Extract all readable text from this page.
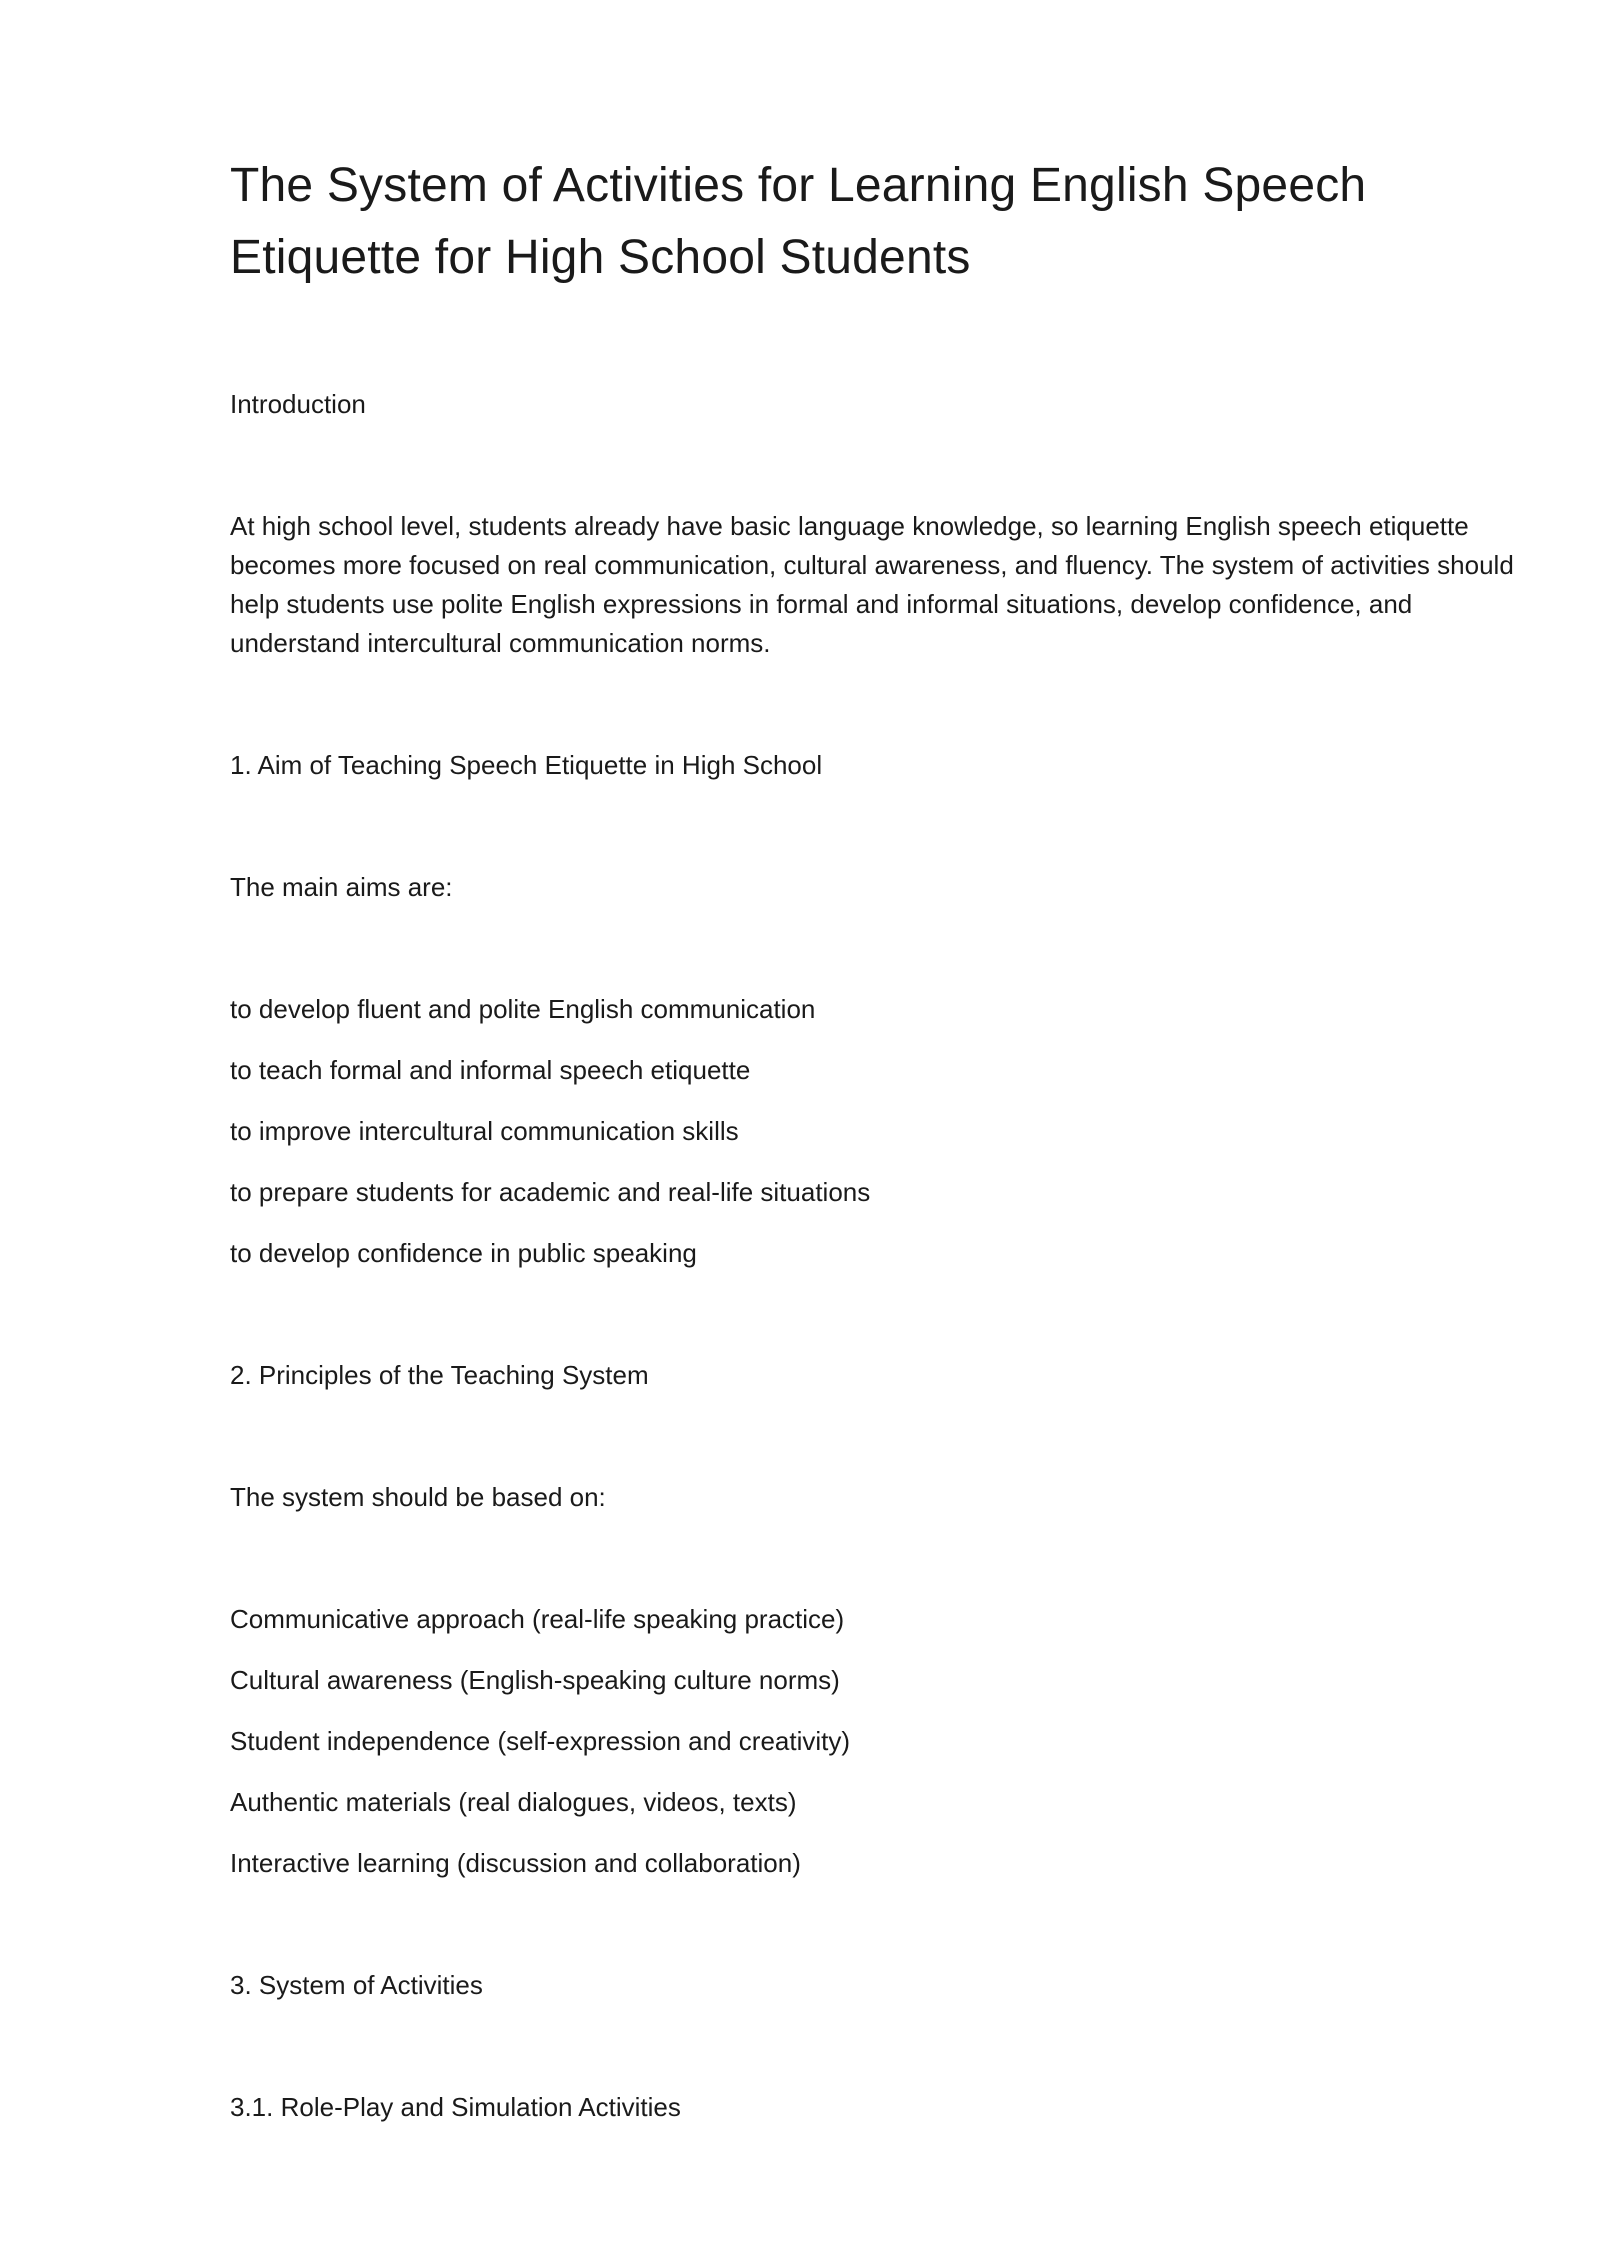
The System of Activities for Learning English Speech Etiquette for High School Students

Introduction

At high school level, students already have basic language knowledge, so learning English speech etiquette becomes more focused on real communication, cultural awareness, and fluency. The system of activities should help students use polite English expressions in formal and informal situations, develop confidence, and understand intercultural communication norms.

1. Aim of Teaching Speech Etiquette in High School

The main aims are:

to develop fluent and polite English communication

to teach formal and informal speech etiquette

to improve intercultural communication skills

to prepare students for academic and real-life situations

to develop confidence in public speaking

2. Principles of the Teaching System

The system should be based on:

Communicative approach (real-life speaking practice)

Cultural awareness (English-speaking culture norms)

Student independence (self-expression and creativity)

Authentic materials (real dialogues, videos, texts)

Interactive learning (discussion and collaboration)

3. System of Activities

3.1. Role-Play and Simulation Activities
